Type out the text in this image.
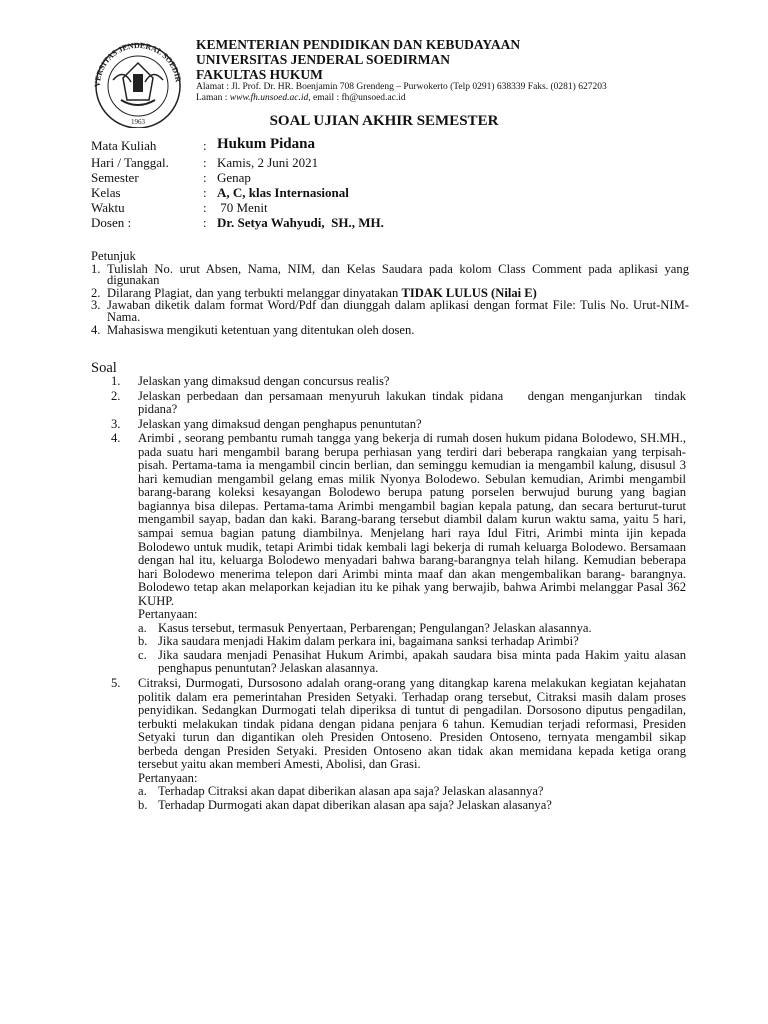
VERSITAS JENDERAL SOEDIR
1963
KEMENTERIAN PENDIDIKAN DAN KEBUDAYAAN
UNIVERSITAS JENDERAL SOEDIRMAN
FAKULTAS HUKUM
Alamat : Jl. Prof. Dr. HR. Boenjamin 708 Grendeng – Purwokerto (Telp 0291) 638339 Faks. (0281) 627203
Laman : www.fh.unsoed.ac.id, email : fh@unsoed.ac.id
SOAL UJIAN AKHIR SEMESTER
Mata Kuliah	: Hukum Pidana
Hari / Tanggal.	: Kamis, 2 Juni 2021
Semester	: Genap
Kelas	: A, C, klas Internasional
Waktu	: 70 Menit
Dosen :	: Dr. Setya Wahyudi,  SH., MH.
Petunjuk
1. Tulislah No. urut Absen, Nama, NIM, dan Kelas Saudara pada kolom Class Comment pada aplikasi yang digunakan
2. Dilarang Plagiat, dan yang terbukti melanggar dinyatakan TIDAK LULUS (Nilai E)
3. Jawaban diketik dalam format Word/Pdf dan diunggah dalam aplikasi dengan format File: Tulis No. Urut-NIM-Nama.
4. Mahasiswa mengikuti ketentuan yang ditentukan oleh dosen.
Soal
1. Jelaskan yang dimaksud dengan concursus realis?
2. Jelaskan perbedaan dan persamaan menyuruh lakukan tindak pidana    dengan menganjurkan  tindak pidana?
3. Jelaskan yang dimaksud dengan penghapus penuntutan?
4. Arimbi , seorang pembantu rumah tangga yang bekerja di rumah dosen hukum pidana Bolodewo, SH.MH., pada suatu hari mengambil barang berupa perhiasan yang terdiri dari beberapa rangkaian yang terpisah-pisah. Pertama-tama ia mengambil cincin berlian, dan seminggu kemudian ia mengambil kalung, disusul 3 hari kemudian mengambil gelang emas milik Nyonya Bolodewo. Sebulan kemudian, Arimbi mengambil barang-barang koleksi kesayangan Bolodewo berupa patung porselen berwujud burung yang bagian bagiannya bisa dilepas. Pertama-tama Arimbi mengambil bagian kepala patung, dan secara berturut-turut mengambil sayap, badan dan kaki. Barang-barang tersebut diambil dalam kurun waktu sama, yaitu 5 hari, sampai semua bagian patung diambilnya. Menjelang hari raya Idul Fitri, Arimbi minta ijin kepada Bolodewo untuk mudik, tetapi Arimbi tidak kembali lagi bekerja di rumah keluarga Bolodewo. Bersamaan dengan hal itu, keluarga Bolodewo menyadari bahwa barang-barangnya telah hilang. Kemudian beberapa hari Bolodewo menerima telepon dari Arimbi minta maaf dan akan mengembalikan barang- barangnya. Bolodewo tetap akan melaporkan kejadian itu ke pihak yang berwajib, bahwa Arimbi melanggar Pasal 362 KUHP.
Pertanyaan:
a. Kasus tersebut, termasuk Penyertaan, Perbarengan; Pengulangan? Jelaskan alasannya.
b. Jika saudara menjadi Hakim dalam perkara ini, bagaimana sanksi terhadap Arimbi?
c. Jika saudara menjadi Penasihat Hukum Arimbi, apakah saudara bisa minta pada Hakim yaitu alasan penghapus penuntutan? Jelaskan alasannya.
5. Citraksi, Durmogati, Dursosono adalah orang-orang yang ditangkap karena melakukan kegiatan kejahatan politik dalam era pemerintahan Presiden Setyaki. Terhadap orang tersebut, Citraksi masih dalam proses penyidikan. Sedangkan Durmogati telah diperiksa di tuntut di pengadilan. Dorsosono diputus pengadilan, terbukti melakukan tindak pidana dengan pidana penjara 6 tahun. Kemudian terjadi reformasi, Presiden Setyaki turun dan digantikan oleh Presiden Ontoseno. Presiden Ontoseno, ternyata mengambil sikap berbeda dengan Presiden Setyaki. Presiden Ontoseno akan tidak akan memidana kepada ketiga orang tersebut yaitu akan memberi Amesti, Abolisi, dan Grasi.
Pertanyaan:
a. Terhadap Citraksi akan dapat diberikan alasan apa saja? Jelaskan alasannya?
b. Terhadap Durmogati akan dapat diberikan alasan apa saja? Jelaskan alasanya?
